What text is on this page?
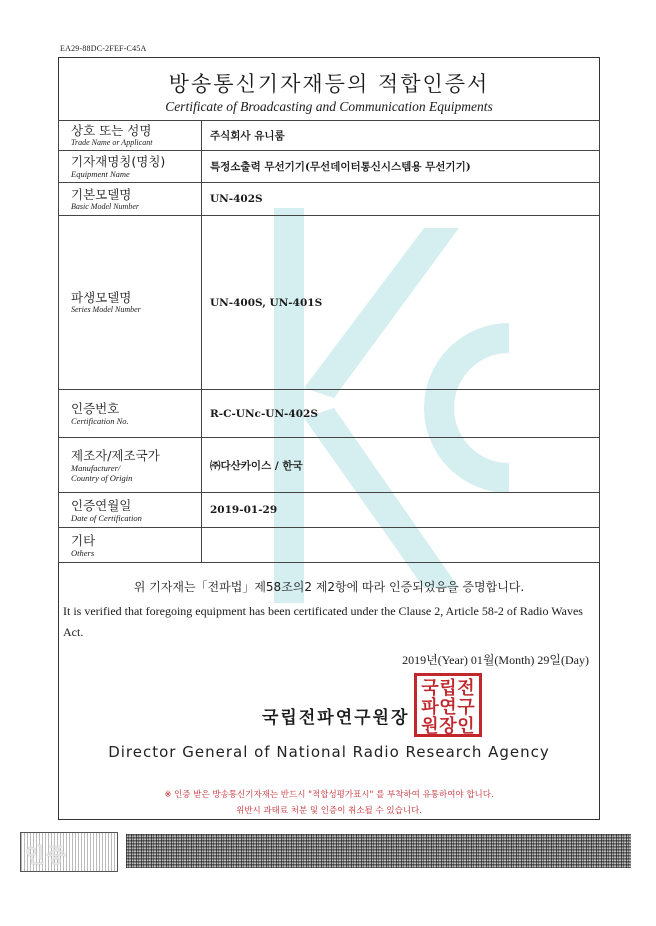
EA29-88DC-2FEF-C45A
방송통신기자재등의 적합인증서
Certificate of Broadcasting and Communication Equipments
상호 또는 성명
Trade Name or Applicant	주식회사 유니룸

기자재명칭(명칭)
Equipment Name	특정소출력 무선기기(무선데이터통신시스템용 무선기기)

기본모델명
Basic Model Number	UN-402S

파생모델명
Series Model Number	UN-400S, UN-401S

인증번호
Certification No.	R-C-UNc-UN-402S

제조자/제조국가
Manufacturer/
Country of Origin	㈜다산카이스 / 한국

인증연월일
Date of Certification	2019-01-29

기타
Others	

위 기자재는「전파법」제58조의2 제2항에 따라 인증되었음을 증명합니다.
It is verified that foregoing equipment has been certificated under the Clause 2, Article 58-2 of Radio Waves Act.
2019년(Year) 01월(Month) 29일(Day)
국립전파연구원장
국 립 전
파 연 구
원 장 인
Director General of National Radio Research Agency
※ 인증 받은 방송통신기자재는 반드시 "적합성평가표시" 를 부착하여 유통하여야 합니다.
위반시 과태료 처분 및 인증이 취소될 수 있습니다.
인증
